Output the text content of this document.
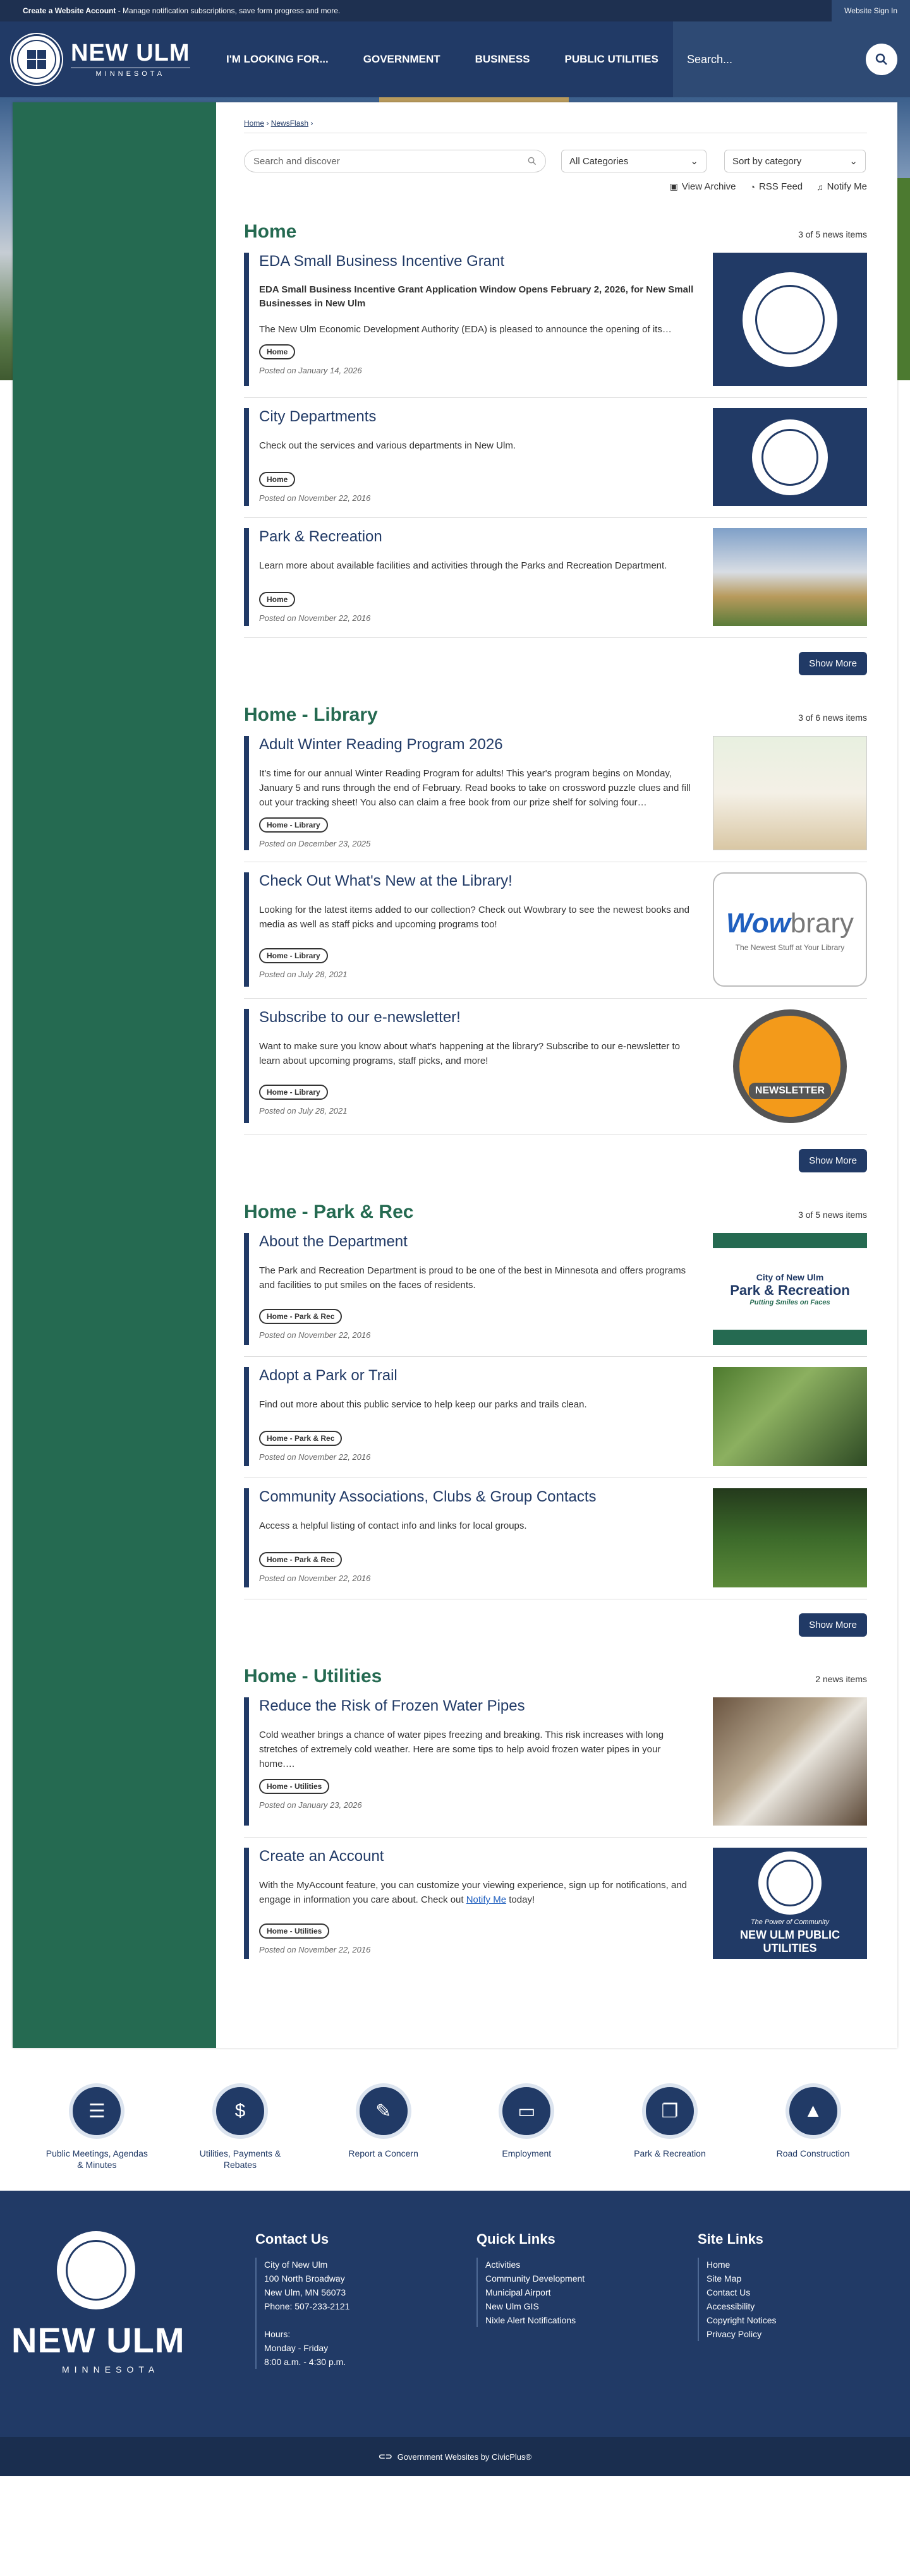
Create a Website Account - Manage notification subscriptions, save form progress and more.	Website Sign In
NEW ULM
MINNESOTA
I'M LOOKING FOR...	GOVERNMENT	BUSINESS	PUBLIC UTILITIES
Search...
Home › NewsFlash ›
Search and discover	All Categories	⌄	Sort by category	⌄
▣ View Archive ◔ RSS Feed ♫ Notify Me
Home	3 of 5 news items
EDA Small Business Incentive Grant
EDA Small Business Incentive Grant Application Window Opens February 2, 2026, for New Small Businesses in New Ulm
The New Ulm Economic Development Authority (EDA) is pleased to announce the opening of its…
Home
Posted on January 14, 2026
City Departments
Check out the services and various departments in New Ulm.
Home
Posted on November 22, 2016
Park & Recreation
Learn more about available facilities and activities through the Parks and Recreation Department.
Home
Posted on November 22, 2016
Show More
Home - Library	3 of 6 news items
Adult Winter Reading Program 2026
It's time for our annual Winter Reading Program for adults! This year's program begins on Monday, January 5 and runs through the end of February. Read books to take on crossword puzzle clues and fill out your tracking sheet! You also can claim a free book from our prize shelf for solving four…
Home - Library
Posted on December 23, 2025
Check Out What's New at the Library!
Looking for the latest items added to our collection? Check out Wowbrary to see the newest books and media as well as staff picks and upcoming programs too!
Home - Library
Posted on July 28, 2021
Wowbrary
The Newest Stuff at Your Library
Subscribe to our e-newsletter!
Want to make sure you know about what's happening at the library? Subscribe to our e-newsletter to learn about upcoming programs, staff picks, and more!
Home - Library
Posted on July 28, 2021
NEWSLETTER
Show More
Home - Park & Rec	3 of 5 news items
About the Department
The Park and Recreation Department is proud to be one of the best in Minnesota and offers programs and facilities to put smiles on the faces of residents.
Home - Park & Rec
Posted on November 22, 2016
City of New Ulm
Park & Recreation
Putting Smiles on Faces
Adopt a Park or Trail
Find out more about this public service to help keep our parks and trails clean.
Home - Park & Rec
Posted on November 22, 2016
Community Associations, Clubs & Group Contacts
Access a helpful listing of contact info and links for local groups.
Home - Park & Rec
Posted on November 22, 2016
Show More
Home - Utilities	2 news items
Reduce the Risk of Frozen Water Pipes
Cold weather brings a chance of water pipes freezing and breaking. This risk increases with long stretches of extremely cold weather. Here are some tips to help avoid frozen water pipes in your home.…
Home - Utilities
Posted on January 23, 2026
Create an Account
With the MyAccount feature, you can customize your viewing experience, sign up for notifications, and engage in information you care about. Check out Notify Me today!
Home - Utilities
Posted on November 22, 2016
The Power of Community
NEW ULM PUBLIC UTILITIES
☰
Public Meetings, Agendas & Minutes
$
Utilities, Payments & Rebates
✎
Report a Concern
▭
Employment
❐
Park & Recreation
▲
Road Construction
NEW ULM
MINNESOTA
Contact Us
City of New Ulm
100 North Broadway
New Ulm, MN 56073
Phone: 507-233-2121
Hours:
Monday - Friday
8:00 a.m. - 4:30 p.m.
Quick Links
Activities
Community Development
Municipal Airport
New Ulm GIS
Nixle Alert Notifications
Site Links
Home
Site Map
Contact Us
Accessibility
Copyright Notices
Privacy Policy
⊂⊃ Government Websites by CivicPlus®
